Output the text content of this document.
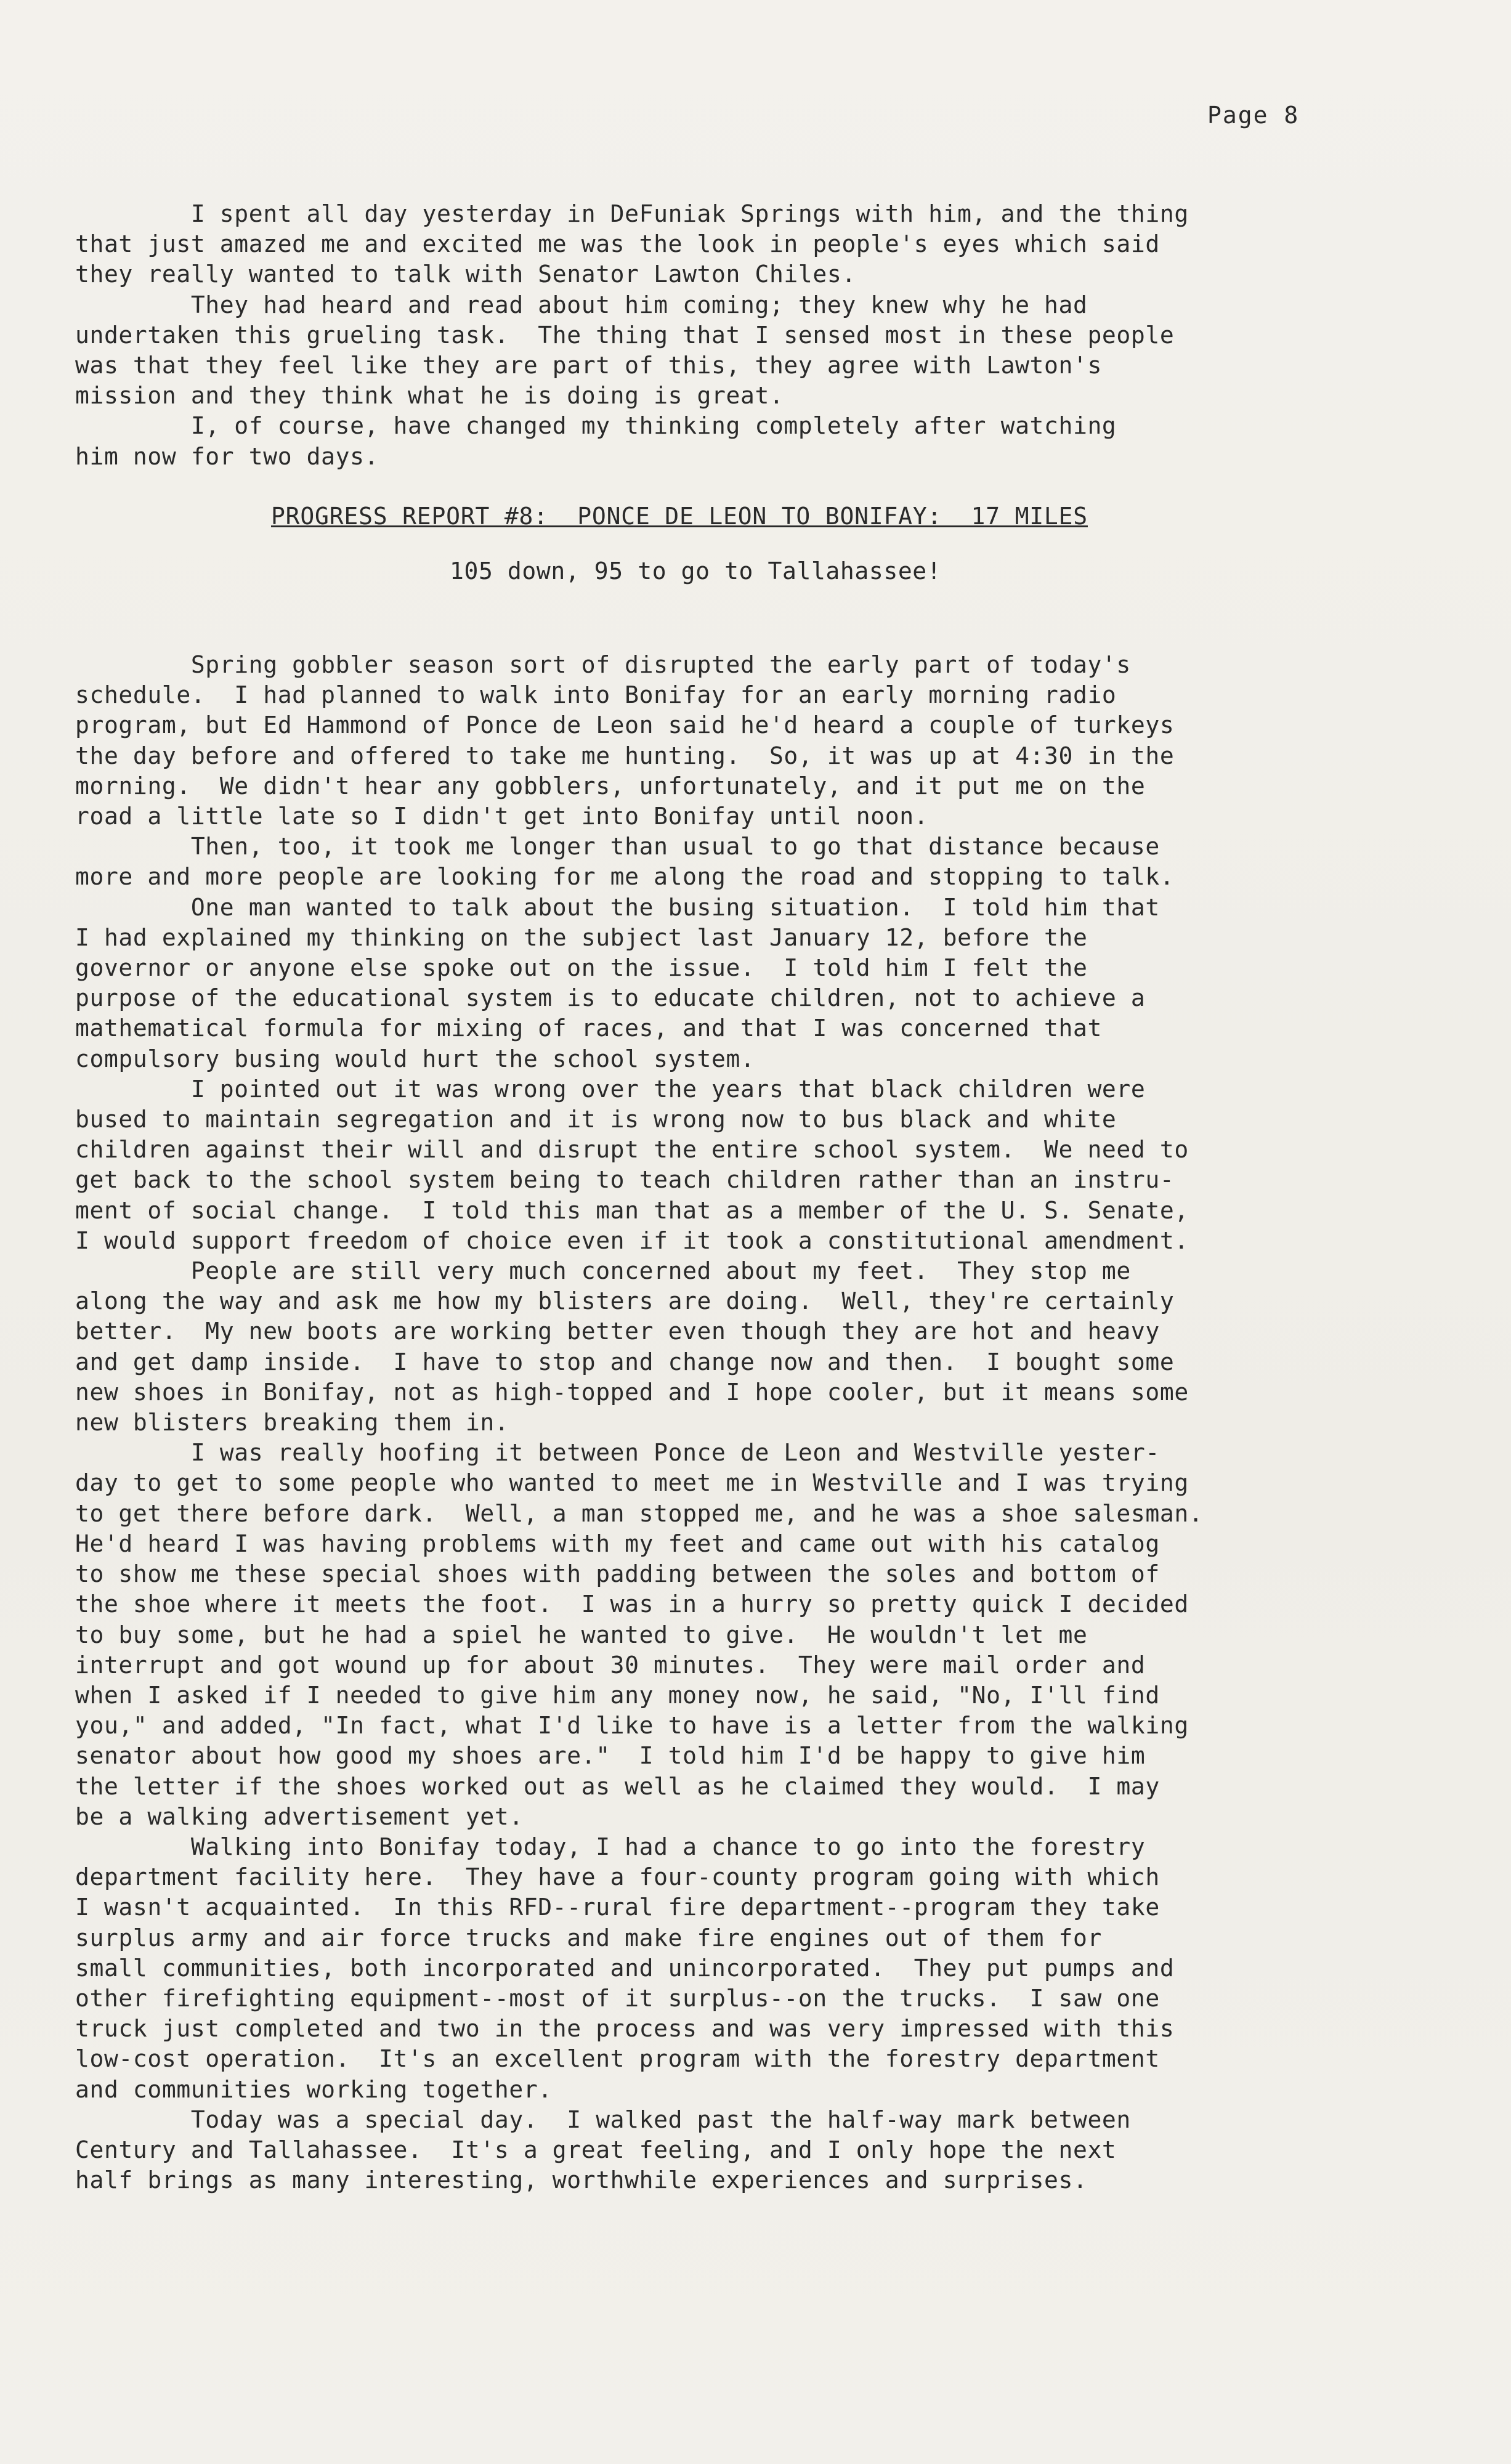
Page 8
I spent all day yesterday in DeFuniak Springs with him, and the thing
that just amazed me and excited me was the look in people's eyes which said
they really wanted to talk with Senator Lawton Chiles.
They had heard and read about him coming; they knew why he had
undertaken this grueling task.  The thing that I sensed most in these people
was that they feel like they are part of this, they agree with Lawton's
mission and they think what he is doing is great.
I, of course, have changed my thinking completely after watching
him now for two days.
PROGRESS REPORT #8:  PONCE DE LEON TO BONIFAY:  17 MILES
105 down, 95 to go to Tallahassee!
Spring gobbler season sort of disrupted the early part of today's
schedule.  I had planned to walk into Bonifay for an early morning radio
program, but Ed Hammond of Ponce de Leon said he'd heard a couple of turkeys
the day before and offered to take me hunting.  So, it was up at 4:30 in the
morning.  We didn't hear any gobblers, unfortunately, and it put me on the
road a little late so I didn't get into Bonifay until noon.
Then, too, it took me longer than usual to go that distance because
more and more people are looking for me along the road and stopping to talk.
One man wanted to talk about the busing situation.  I told him that
I had explained my thinking on the subject last January 12, before the
governor or anyone else spoke out on the issue.  I told him I felt the
purpose of the educational system is to educate children, not to achieve a
mathematical formula for mixing of races, and that I was concerned that
compulsory busing would hurt the school system.
I pointed out it was wrong over the years that black children were
bused to maintain segregation and it is wrong now to bus black and white
children against their will and disrupt the entire school system.  We need to
get back to the school system being to teach children rather than an instru-
ment of social change.  I told this man that as a member of the U. S. Senate,
I would support freedom of choice even if it took a constitutional amendment.
People are still very much concerned about my feet.  They stop me
along the way and ask me how my blisters are doing.  Well, they're certainly
better.  My new boots are working better even though they are hot and heavy
and get damp inside.  I have to stop and change now and then.  I bought some
new shoes in Bonifay, not as high-topped and I hope cooler, but it means some
new blisters breaking them in.
I was really hoofing it between Ponce de Leon and Westville yester-
day to get to some people who wanted to meet me in Westville and I was trying
to get there before dark.  Well, a man stopped me, and he was a shoe salesman.
He'd heard I was having problems with my feet and came out with his catalog
to show me these special shoes with padding between the soles and bottom of
the shoe where it meets the foot.  I was in a hurry so pretty quick I decided
to buy some, but he had a spiel he wanted to give.  He wouldn't let me
interrupt and got wound up for about 30 minutes.  They were mail order and
when I asked if I needed to give him any money now, he said, "No, I'll find
you," and added, "In fact, what I'd like to have is a letter from the walking
senator about how good my shoes are."  I told him I'd be happy to give him
the letter if the shoes worked out as well as he claimed they would.  I may
be a walking advertisement yet.
Walking into Bonifay today, I had a chance to go into the forestry
department facility here.  They have a four-county program going with which
I wasn't acquainted.  In this RFD--rural fire department--program they take
surplus army and air force trucks and make fire engines out of them for
small communities, both incorporated and unincorporated.  They put pumps and
other firefighting equipment--most of it surplus--on the trucks.  I saw one
truck just completed and two in the process and was very impressed with this
low-cost operation.  It's an excellent program with the forestry department
and communities working together.
Today was a special day.  I walked past the half-way mark between
Century and Tallahassee.  It's a great feeling, and I only hope the next
half brings as many interesting, worthwhile experiences and surprises.
